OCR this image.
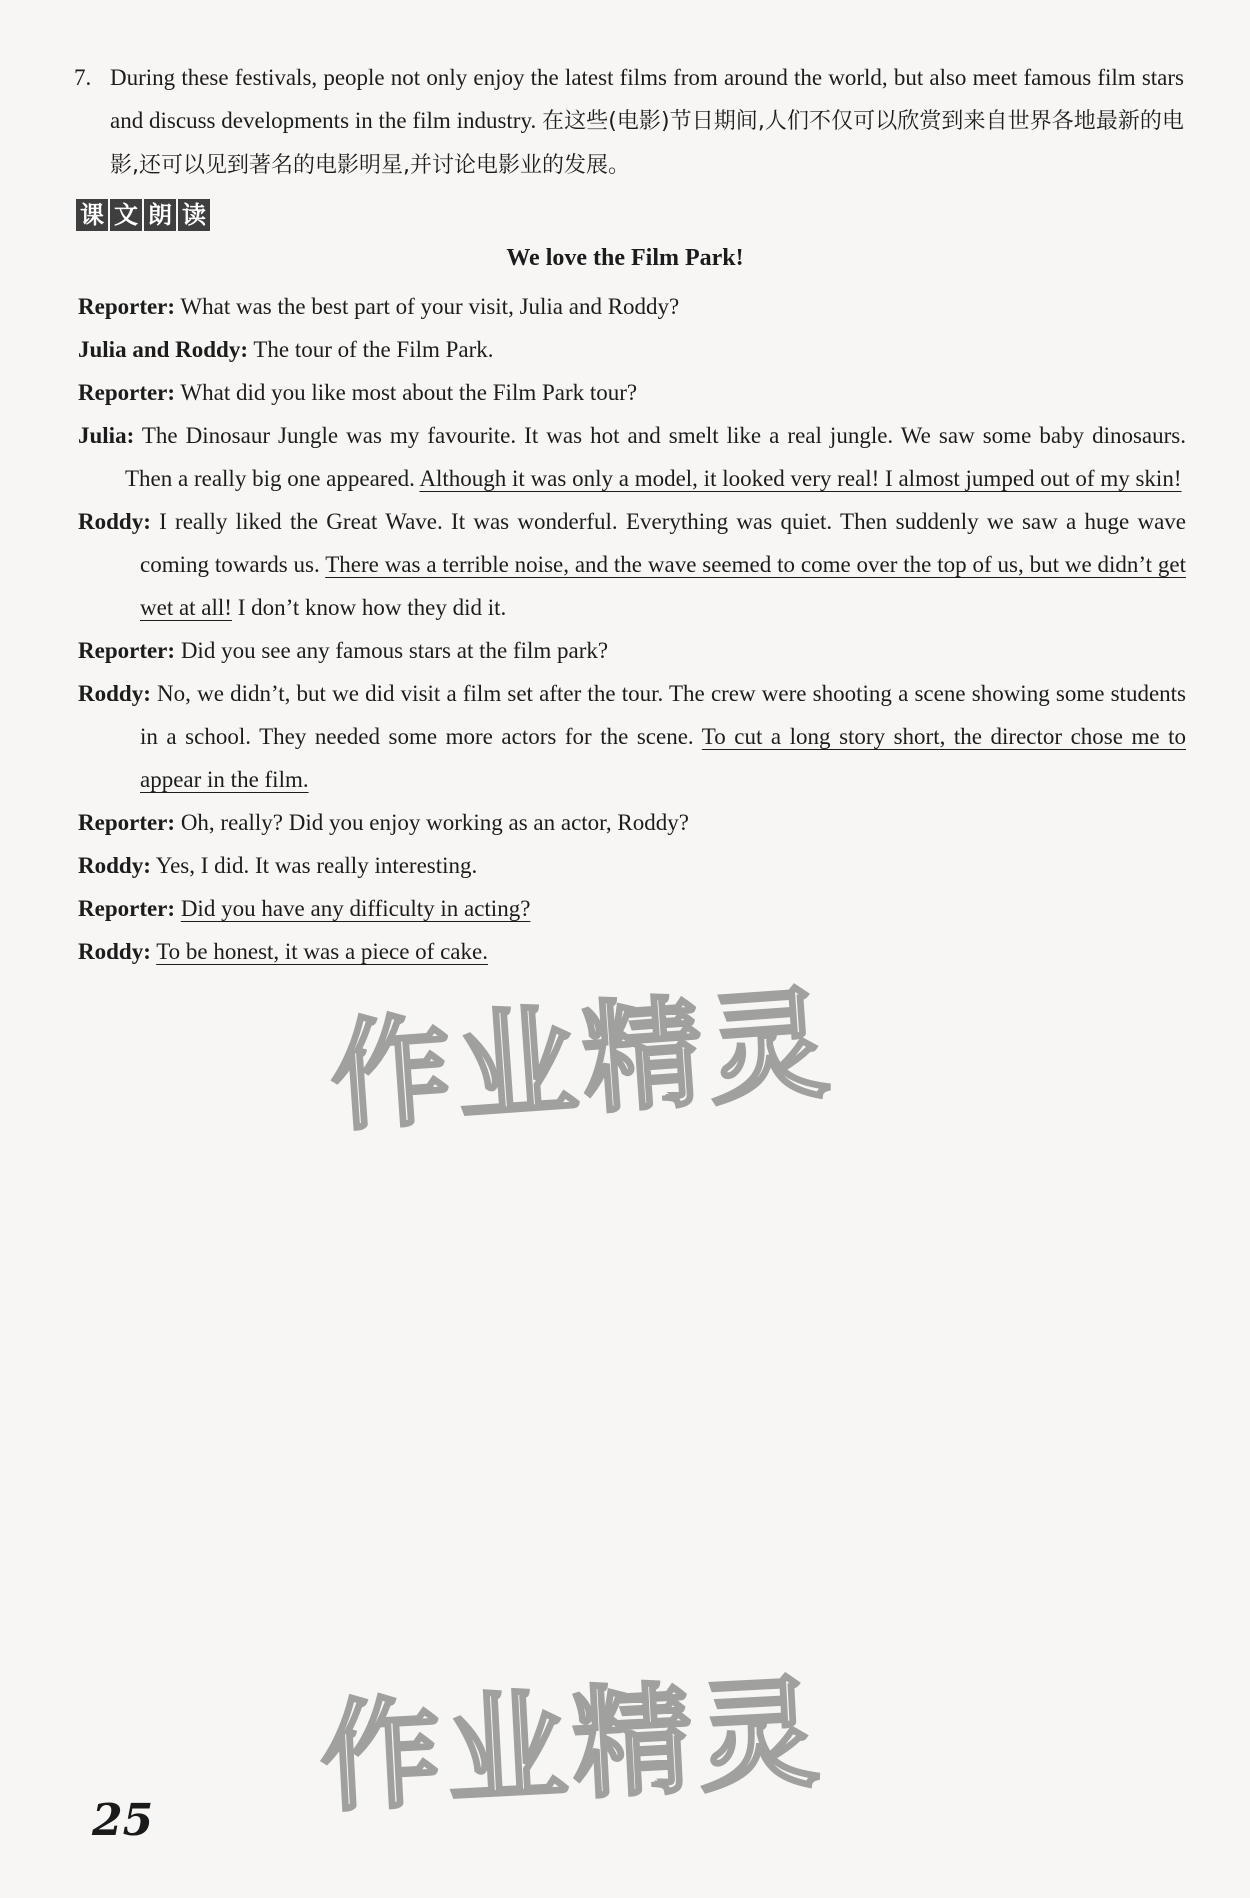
7. During these festivals, people not only enjoy the latest films from around the world, but also meet famous film stars and discuss developments in the film industry. 在这些(电影)节日期间,人们不仅可以欣赏到来自世界各地最新的电影,还可以见到著名的电影明星,并讨论电影业的发展。
课 文 朗 读
We love the Film Park!
Reporter: What was the best part of your visit, Julia and Roddy?
Julia and Roddy: The tour of the Film Park.
Reporter: What did you like most about the Film Park tour?
Julia: The Dinosaur Jungle was my favourite. It was hot and smelt like a real jungle. We saw some baby dinosaurs. Then a really big one appeared. Although it was only a model, it looked very real! I almost jumped out of my skin!
Roddy: I really liked the Great Wave. It was wonderful. Everything was quiet. Then suddenly we saw a huge wave coming towards us. There was a terrible noise, and the wave seemed to come over the top of us, but we didn’t get wet at all! I don’t know how they did it.
Reporter: Did you see any famous stars at the film park?
Roddy: No, we didn’t, but we did visit a film set after the tour. The crew were shooting a scene showing some students in a school. They needed some more actors for the scene. To cut a long story short, the director chose me to appear in the film.
Reporter: Oh, really? Did you enjoy working as an actor, Roddy?
Roddy: Yes, I did. It was really interesting.
Reporter: Did you have any difficulty in acting?
Roddy: To be honest, it was a piece of cake.
作业精灵
作业精灵
25
